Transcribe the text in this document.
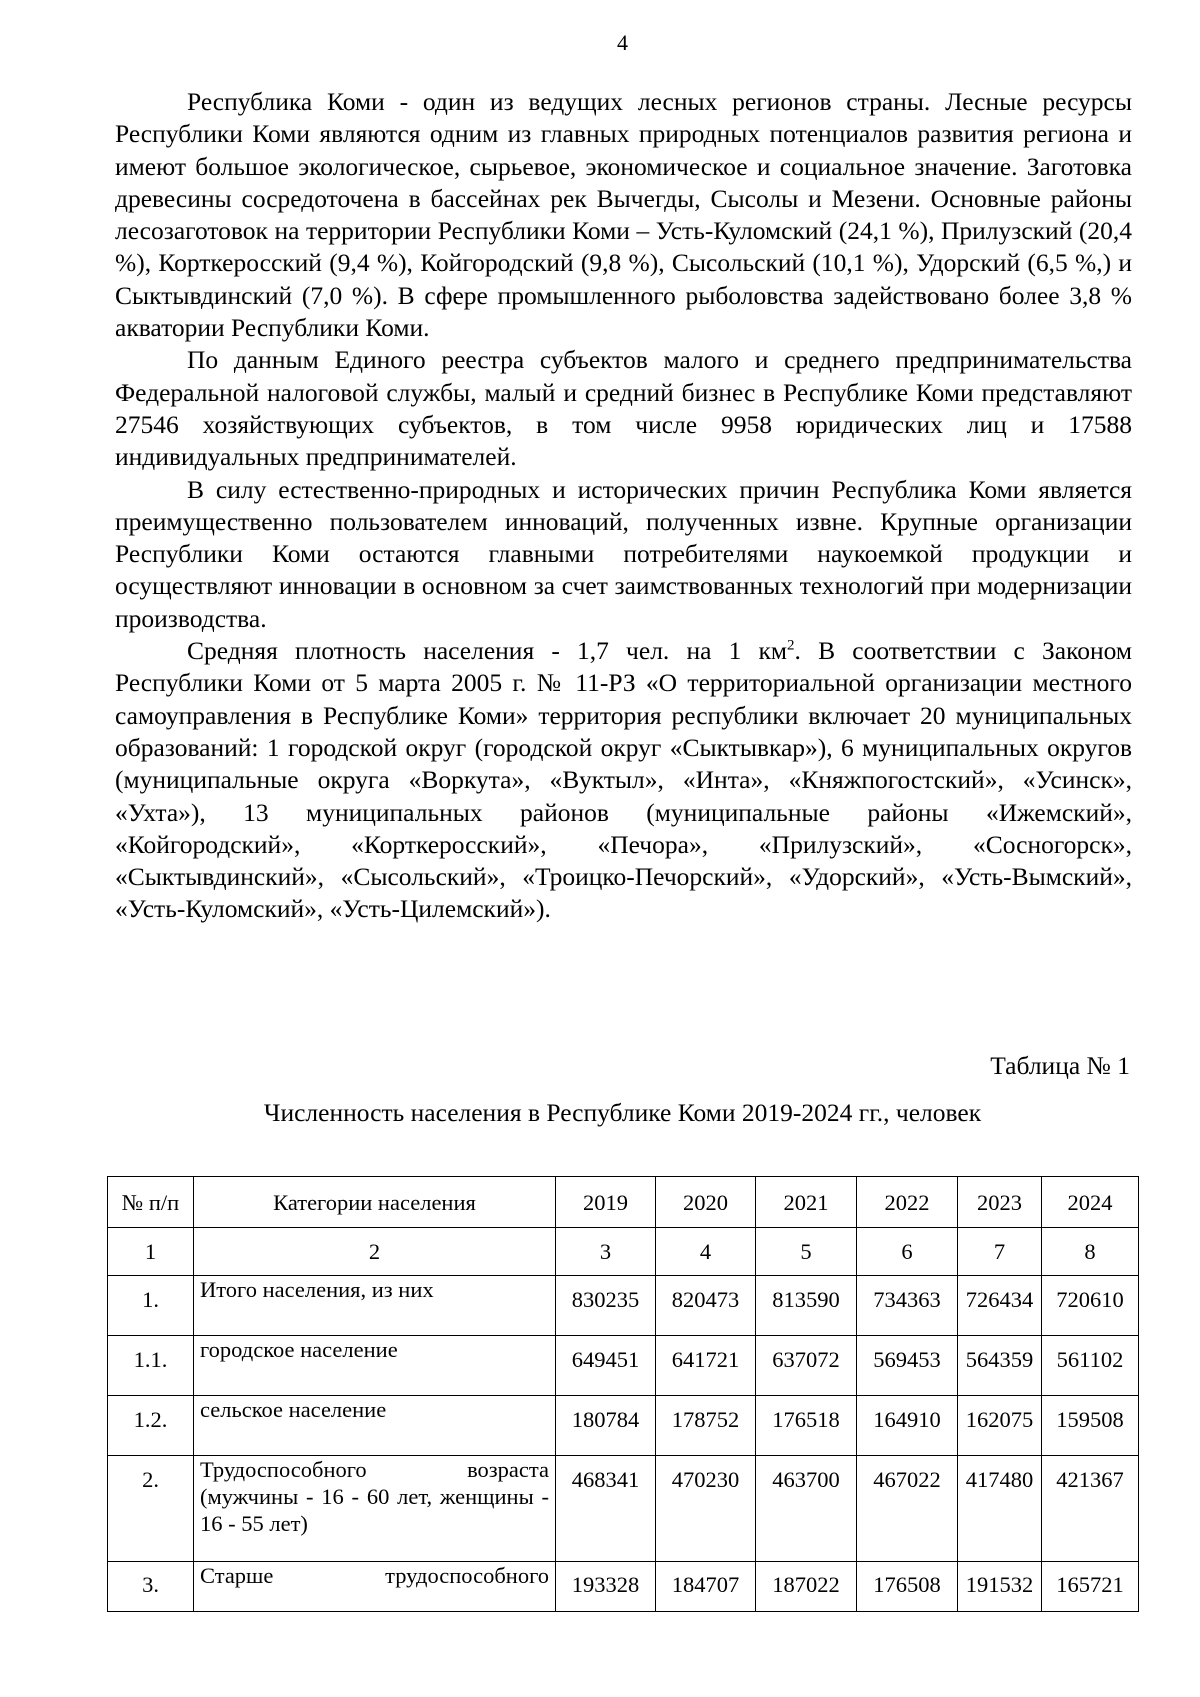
4

Республика Коми - один из ведущих лесных регионов страны. Лесные ресурсы Республики Коми являются одним из главных природных потенциалов развития региона и имеют большое экологическое, сырьевое, экономическое и социальное значение. Заготовка древесины сосредоточена в бассейнах рек Вычегды, Сысолы и Мезени. Основные районы лесозаготовок на территории Республики Коми – Усть-Куломский (24,1 %), Прилузский (20,4 %), Корткеросский (9,4 %), Койгородский (9,8 %), Сысольский (10,1 %), Удорский (6,5 %,) и Сыктывдинский (7,0 %). В сфере промышленного рыболовства задействовано более 3,8 % акватории Республики Коми.

По данным Единого реестра субъектов малого и среднего предпринимательства Федеральной налоговой службы, малый и средний бизнес в Республике Коми представляют 27546 хозяйствующих субъектов, в том числе 9958 юридических лиц и 17588 индивидуальных предпринимателей.

В силу естественно-природных и исторических причин Республика Коми является преимущественно пользователем инноваций, полученных извне. Крупные организации Республики Коми остаются главными потребителями наукоемкой продукции и осуществляют инновации в основном за счет заимствованных технологий при модернизации производства.

Средняя плотность населения - 1,7 чел. на 1 $км^2$. В соответствии с Законом Республики Коми от 5 марта 2005 г. № 11-РЗ «О территориальной организации местного самоуправления в Республике Коми» территория республики включает 20 муниципальных образований: 1 городской округ (городской округ «Сыктывкар»), 6 муниципальных округов (муниципальные округа «Воркута», «Вуктыл», «Инта», «Княжпогостский», «Усинск», «Ухта»), 13 муниципальных районов (муниципальные районы «Ижемский», «Койгородский», «Корткеросский», «Печора», «Прилузский», «Сосногорск», «Сыктывдинский», «Сысольский», «Троицко-Печорский», «Удорский», «Усть-Вымский», «Усть-Куломский», «Усть-Цилемский»).

Таблица № 1
Численность населения в Республике Коми 2019-2024 гг., человек
№ п/п	Категории населения	2019	2020	2021	2022	2023	2024
1	2	3	4	5	6	7	8
1.	Итого населения, из них	830235	820473	813590	734363	726434	720610
1.1.	городское население	649451	641721	637072	569453	564359	561102
1.2.	сельское население	180784	178752	176518	164910	162075	159508
2.	Трудоспособного возраста (мужчины - 16 - 60 лет, женщины - 16 - 55 лет)	468341	470230	463700	467022	417480	421367
3.	Старше трудоспособного	193328	184707	187022	176508	191532	165721
